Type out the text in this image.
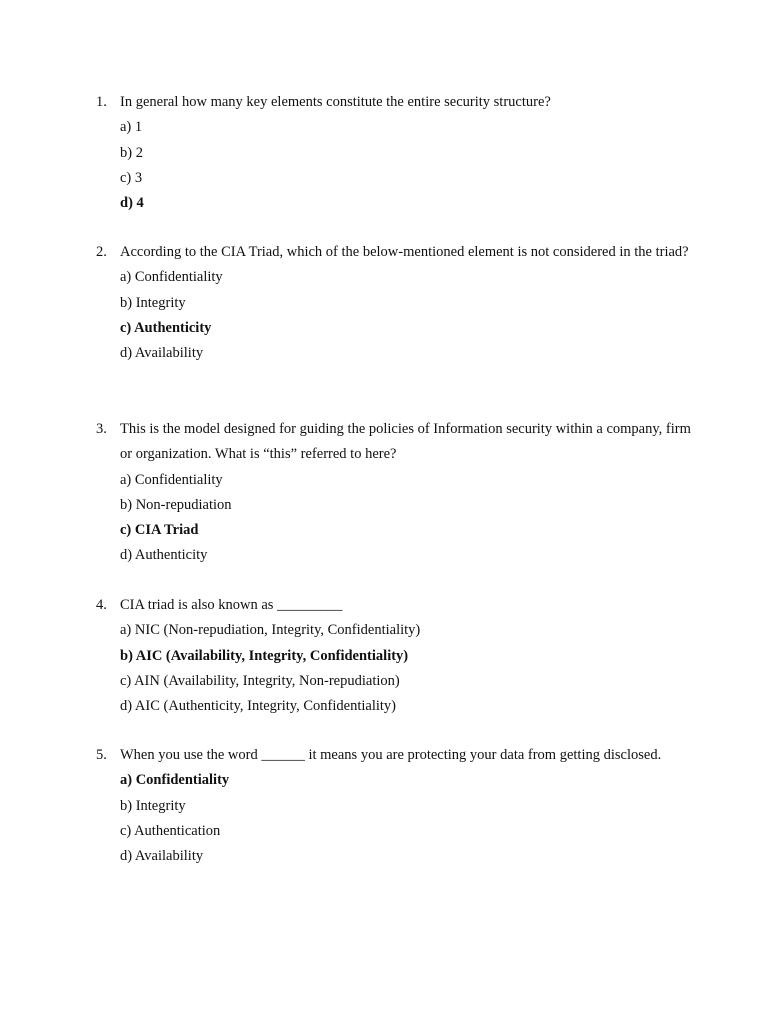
1. In general how many key elements constitute the entire security structure?
a) 1
b) 2
c) 3
d) 4
2. According to the CIA Triad, which of the below-mentioned element is not considered in the triad?
a) Confidentiality
b) Integrity
c) Authenticity
d) Availability
3. This is the model designed for guiding the policies of Information security within a company, firm or organization. What is “this” referred to here?
a) Confidentiality
b) Non-repudiation
c) CIA Triad
d) Authenticity
4. CIA triad is also known as _________
a) NIC (Non-repudiation, Integrity, Confidentiality)
b) AIC (Availability, Integrity, Confidentiality)
c) AIN (Availability, Integrity, Non-repudiation)
d) AIC (Authenticity, Integrity, Confidentiality)
5. When you use the word ______ it means you are protecting your data from getting disclosed.
a) Confidentiality
b) Integrity
c) Authentication
d) Availability
